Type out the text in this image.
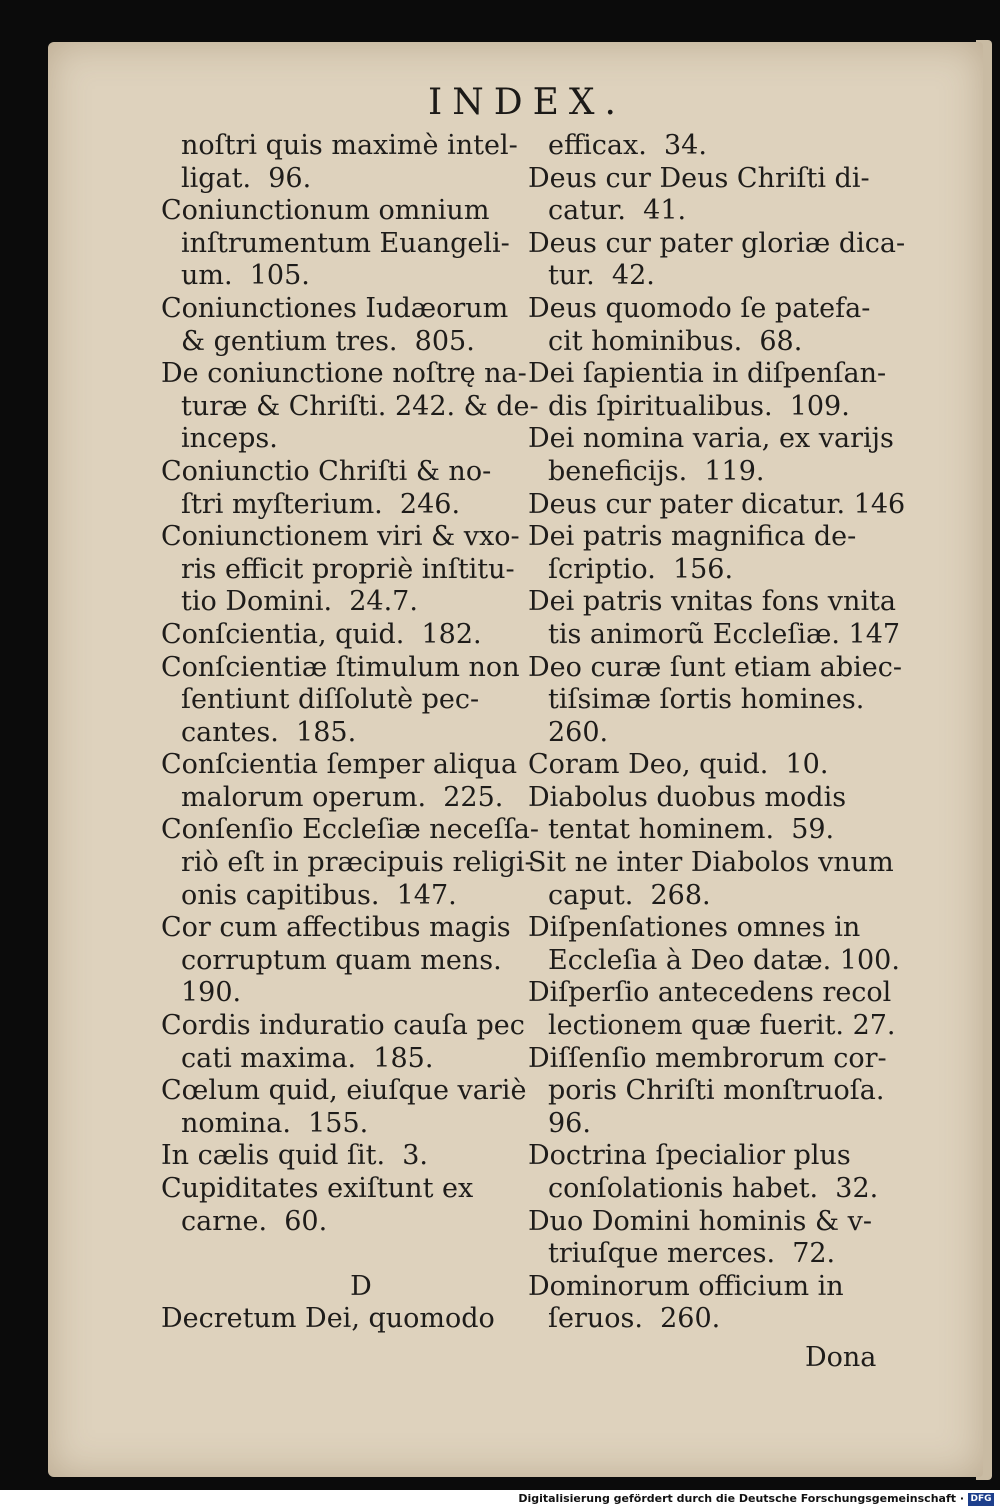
INDEX.
noſtri quis maximè intel-
ligat.  96.
Coniunctionum omnium
inſtrumentum Euangeli-
um.  105.
Coniunctiones Iudæorum
& gentium tres.  805.
De coniunctione noſtrę na-
turæ & Chriſti. 242. & de-
inceps.
Coniunctio Chriſti & no-
ſtri myſterium.  246.
Coniunctionem viri & vxo-
ris efficit propriè inſtitu-
tio Domini.  24.7.
Conſcientia, quid.  182.
Conſcientiæ ſtimulum non
ſentiunt diſſolutè pec-
cantes.  185.
Conſcientia ſemper aliqua
malorum operum.  225.
Conſenſio Eccleſiæ neceſſa-
riò eſt in præcipuis religi-
onis capitibus.  147.
Cor cum affectibus magis
corruptum quam mens.
190.
Cordis induratio cauſa pec
cati maxima.  185.
Cœlum quid, eiuſque variè
nomina.  155.
In cælis quid ſit.  3.
Cupiditates exiſtunt ex
carne.  60.
D
Decretum Dei, quomodo
efficax.  34.
Deus cur Deus Chriſti di-
catur.  41.
Deus cur pater gloriæ dica-
tur.  42.
Deus quomodo ſe patefa-
cit hominibus.  68.
Dei ſapientia in diſpenſan-
dis ſpiritualibus.  109.
Dei nomina varia, ex varijs
beneficijs.  119.
Deus cur pater dicatur. 146
Dei patris magnifica de-
ſcriptio.  156.
Dei patris vnitas fons vnita
tis animorũ Eccleſiæ. 147
Deo curæ ſunt etiam abiec-
tiſsimæ ſortis homines.
260.
Coram Deo, quid.  10.
Diabolus duobus modis
tentat hominem.  59.
Sit ne inter Diabolos vnum
caput.  268.
Diſpenſationes omnes in
Eccleſia à Deo datæ. 100.
Diſperſio antecedens recol
lectionem quæ fuerit. 27.
Diſſenſio membrorum cor-
poris Chriſti monſtruoſa.
96.
Doctrina ſpecialior plus
conſolationis habet.  32.
Duo Domini hominis & v-
triuſque merces.  72.
Dominorum officium in
ſeruos.  260.
Dona
Digitalisierung gefördert durch die Deutsche Forschungsgemeinschaft · DFG
